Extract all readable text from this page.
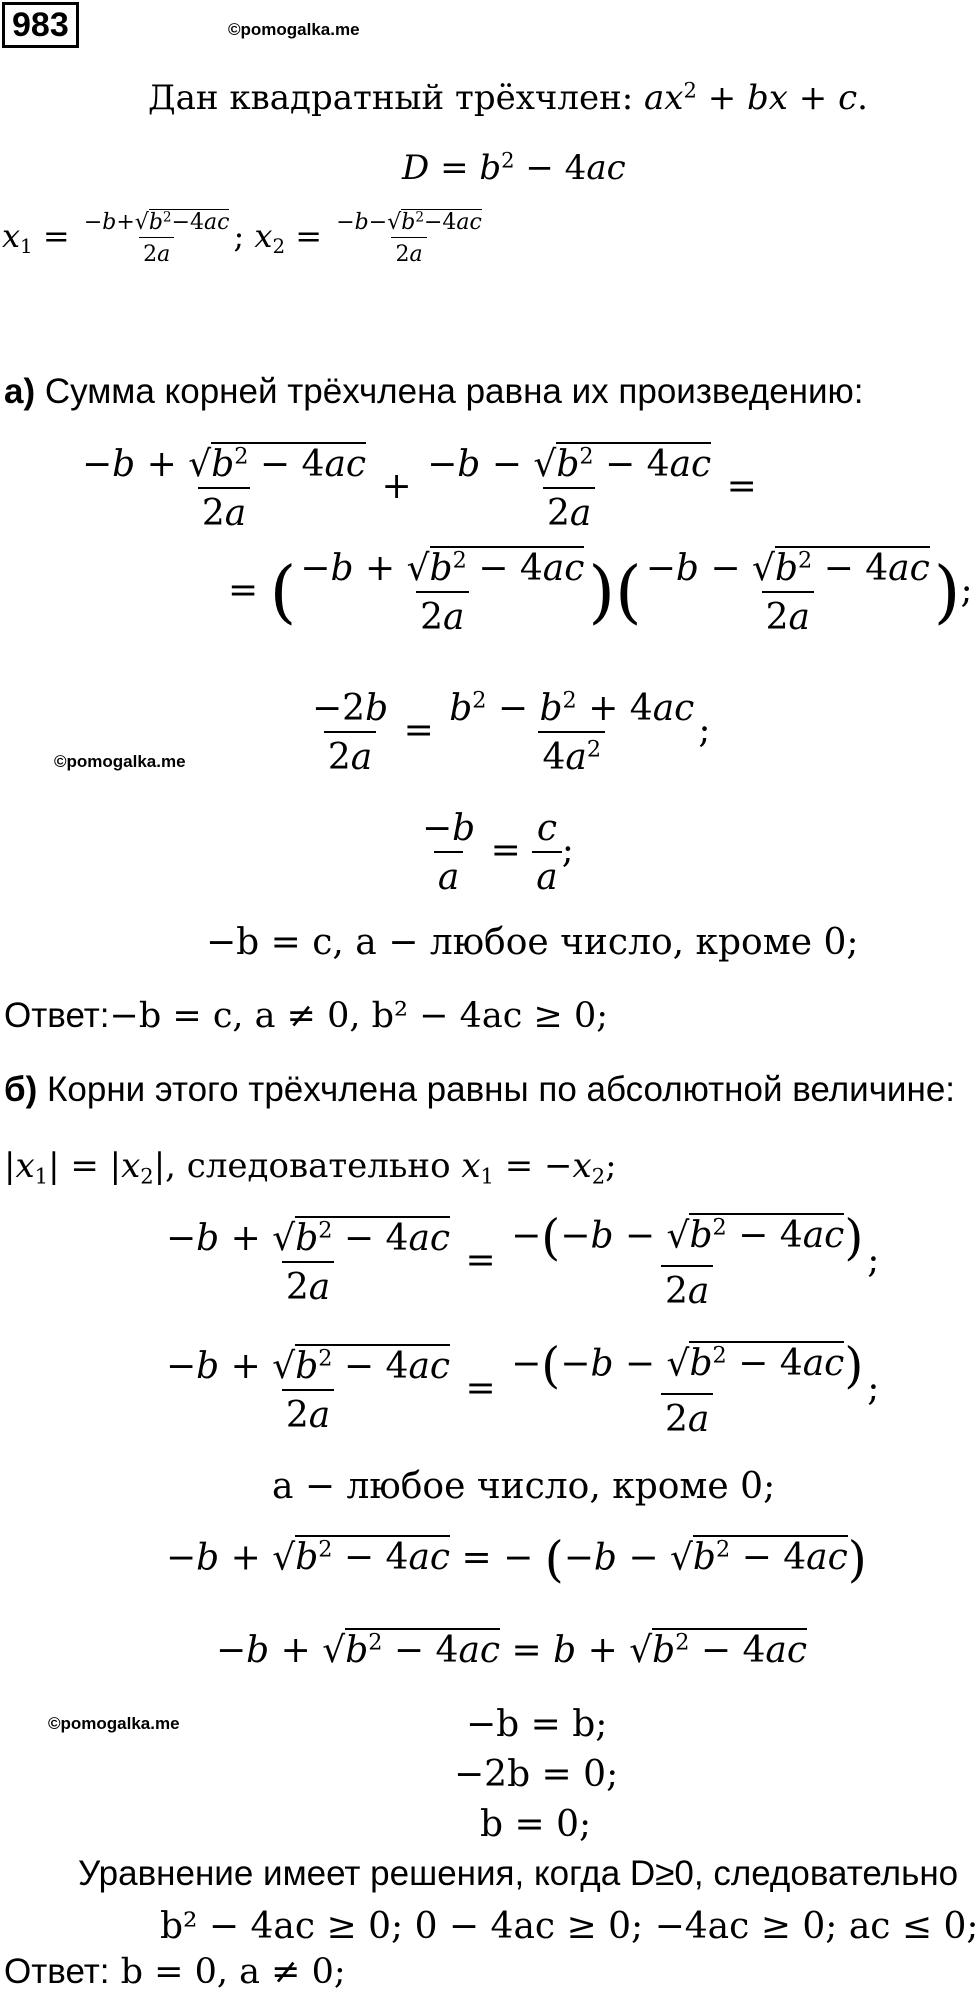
983	©pomogalka.me
Дан квадратный трёхчлен: $ax^2$ + bx + c.
$D = b^2 - 4ac$
$x_1 = \frac{-b+√b^2-4ac}{2a}$ ; $x_2 = \frac{-b-√b^2-4ac}{2a}$
а) Сумма корней трёхчлена равна их произведению:
$\frac{-b + √b^2 - 4ac}{2a} + \frac{-b - √b^2 - 4ac}{2a}$ =
= ( $\frac{-b + √b^2 - 4ac}{2a}$ )( $\frac{-b - √b^2 - 4ac}{2a}$ );
$\frac{-2b}{2a} = \frac{b^2 - b^2 + 4ac}{4a^2}$ ;
©pomogalka.me
$\frac{-b}{a} = \frac{c}{a}$ ;
−b = c, a − любое число, кроме 0;
Ответ:−b = c, a ≠ 0, b² − 4ac ≥ 0;
б) Корни этого трёхчлена равны по абсолютной величине:
$|x_1| = |x_2|$, следовательно $x_1 = -x_2$;
$\frac{-b + √b^2 - 4ac}{2a} = \frac{-(-b - √b^2 - 4ac)}{2a}$ ;
$\frac{-b + √b^2 - 4ac}{2a} = \frac{-(-b - √b^2 - 4ac)}{2a}$ ;
a − любое число, кроме 0;
$-b + √b^2 - 4ac$ = − $(-b - √b^2 - 4ac)$
$-b + √b^2 - 4ac = b + √b^2 - 4ac$
©pomogalka.me	−b = b;
−2b = 0;
b = 0;
Уравнение имеет решения, когда D≥0, следовательно
b² − 4ac ≥ 0; 0 − 4ac ≥ 0; −4ac ≥ 0; ac ≤ 0;
Ответ: b = 0, a ≠ 0;
